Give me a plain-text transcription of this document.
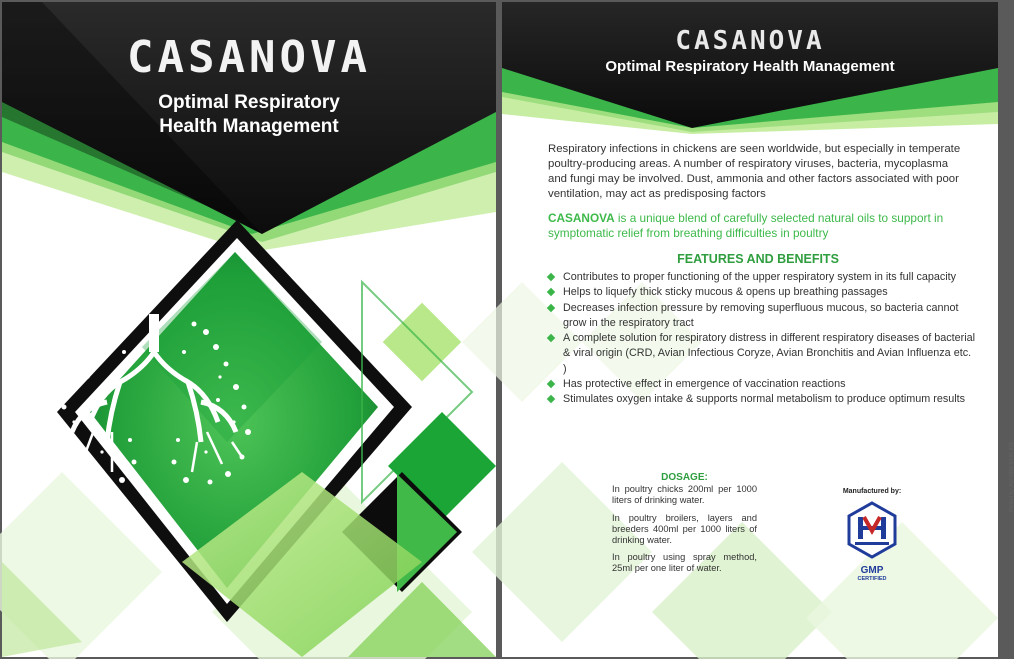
CASANOVA
Optimal Respiratory
Health Management
CASANOVA
Optimal Respiratory Health Management
Respiratory infections in chickens are seen worldwide, but especially in temperate poultry-producing areas. A number of respiratory viruses, bacteria, mycoplasma and fungi may be involved. Dust, ammonia and other factors associated with poor ventilation, may act as predisposing factors
CASANOVA is a unique blend of carefully selected natural oils to support in symptomatic relief from breathing difficulties in poultry
FEATURES AND BENEFITS
Contributes to proper functioning of the upper respiratory system in its full capacity
Helps to liquefy thick sticky mucous & opens up breathing passages
Decreases infection pressure by removing superfluous mucous, so bacteria cannot grow in the respiratory tract
A complete solution for respiratory distress in different respiratory diseases of bacterial & viral origin (CRD, Avian Infectious Coryze, Avian Bronchitis and Avian Influenza etc. )
Has protective effect in emergence of vaccination reactions
Stimulates oxygen intake & supports normal metabolism to produce optimum results
DOSAGE:

In poultry chicks 200ml per 1000 liters of drinking water.

In poultry broilers, layers and breeders 400ml per 1000 liters of drinking water.

In poultry using spray method, 25ml per one liter of water.

Manufactured by:
GMP
CERTIFIED
Printed by: Asif 0306 94 97 475
